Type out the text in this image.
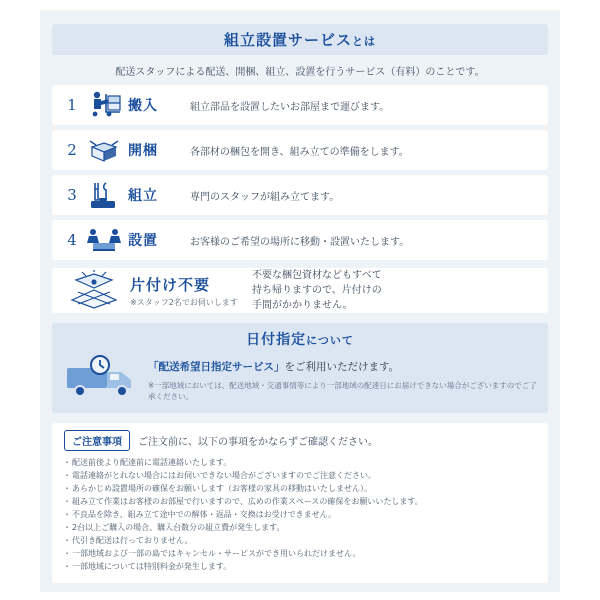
組立設置サービスとは
配送スタッフによる配送、開梱、組立、設置を行うサービス（有料）のことです。
1	搬入	組立部品を設置したいお部屋まで運びます。
2	開梱	各部材の梱包を開き、組み立ての準備をします。
3	組立	専門のスタッフが組み立てます。
4	設置	お客様のご希望の場所に移動・設置いたします。
片付け不要
※スタッフ2名でお伺いします
不要な梱包資材などもすべて
持ち帰りますので、片付けの
手間がかかりません。
日付指定について
「配送希望日指定サービス」をご利用いただけます。
※一部地域においては、配送地域・交通事情等により一部地域の配達日にお届けできない場合がございますのでご了承ください。
ご注意事項	ご注文前に、以下の事項をかならずご確認ください。
・ 配送前後より配達前に電話連絡いたします。
・ 電話連絡がとれない場合にはお伺いできない場合がございますのでご注意ください。
・ あらかじめ設置場所の確保をお願いします（お客様の家具の移動はいたしません）。
・ 組み立て作業はお客様のお部屋で行いますので、広めの作業スペースの確保をお願いいたします。
・ 不良品を除き、組み立て途中での解体・返品・交換はお受けできません。
・ 2台以上ご購入の場合、購入台数分の組立費が発生します。
・ 代引き配送は行っておりません。
・ 一部地域および一部の島ではキャンセル・サービスができ用いられだけません。
・ 一部地域については特別料金が発生します。
